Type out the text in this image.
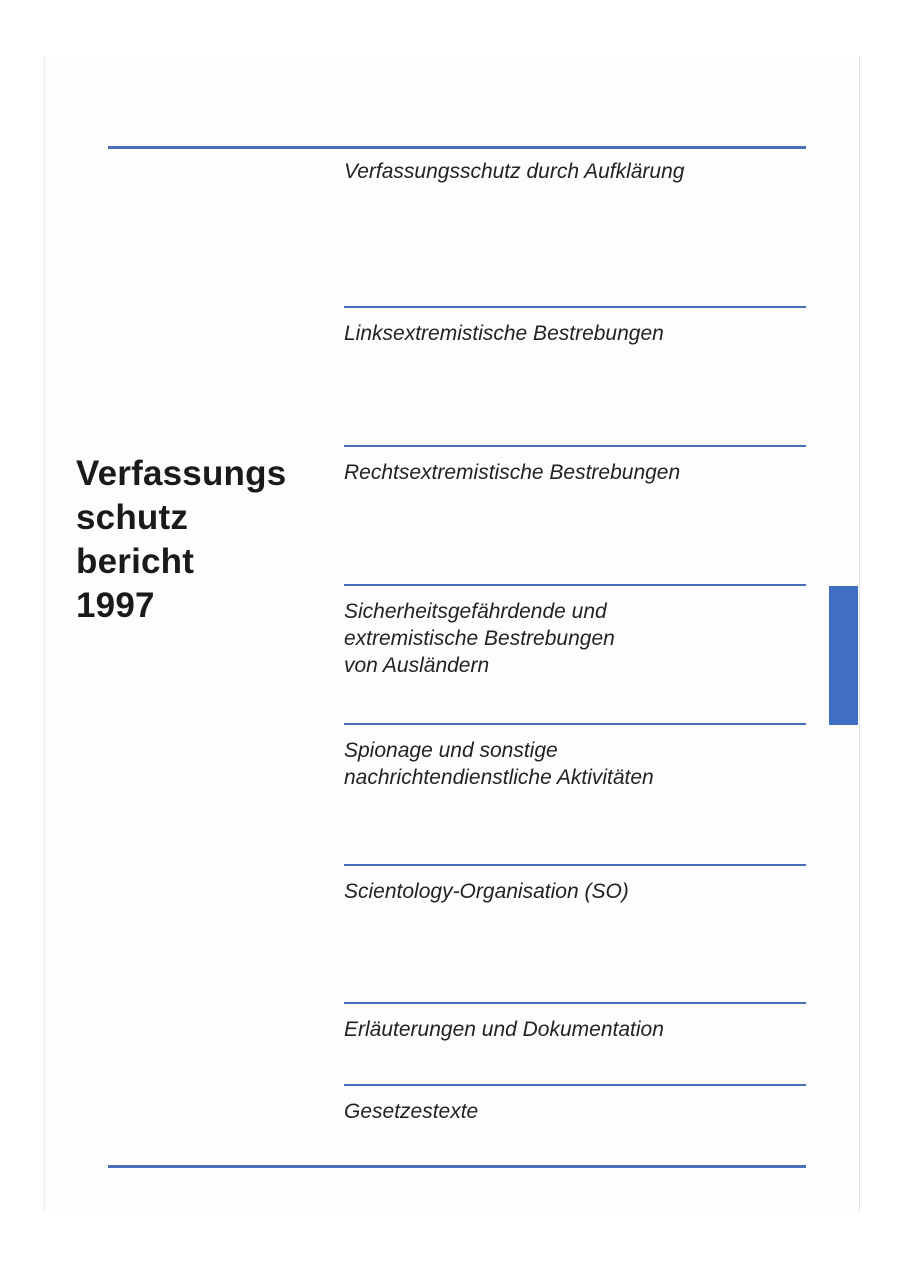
Verfassungsschutz durch Aufklärung
Linksextremistische Bestrebungen
Rechtsextremistische Bestrebungen
Sicherheitsgefährdende und
extremistische Bestrebungen
von Ausländern
Spionage und sonstige
nachrichtendienstliche Aktivitäten
Scientology-Organisation (SO)
Erläuterungen und Dokumentation
Gesetzestexte
Verfassungs
schutz
bericht
1997
